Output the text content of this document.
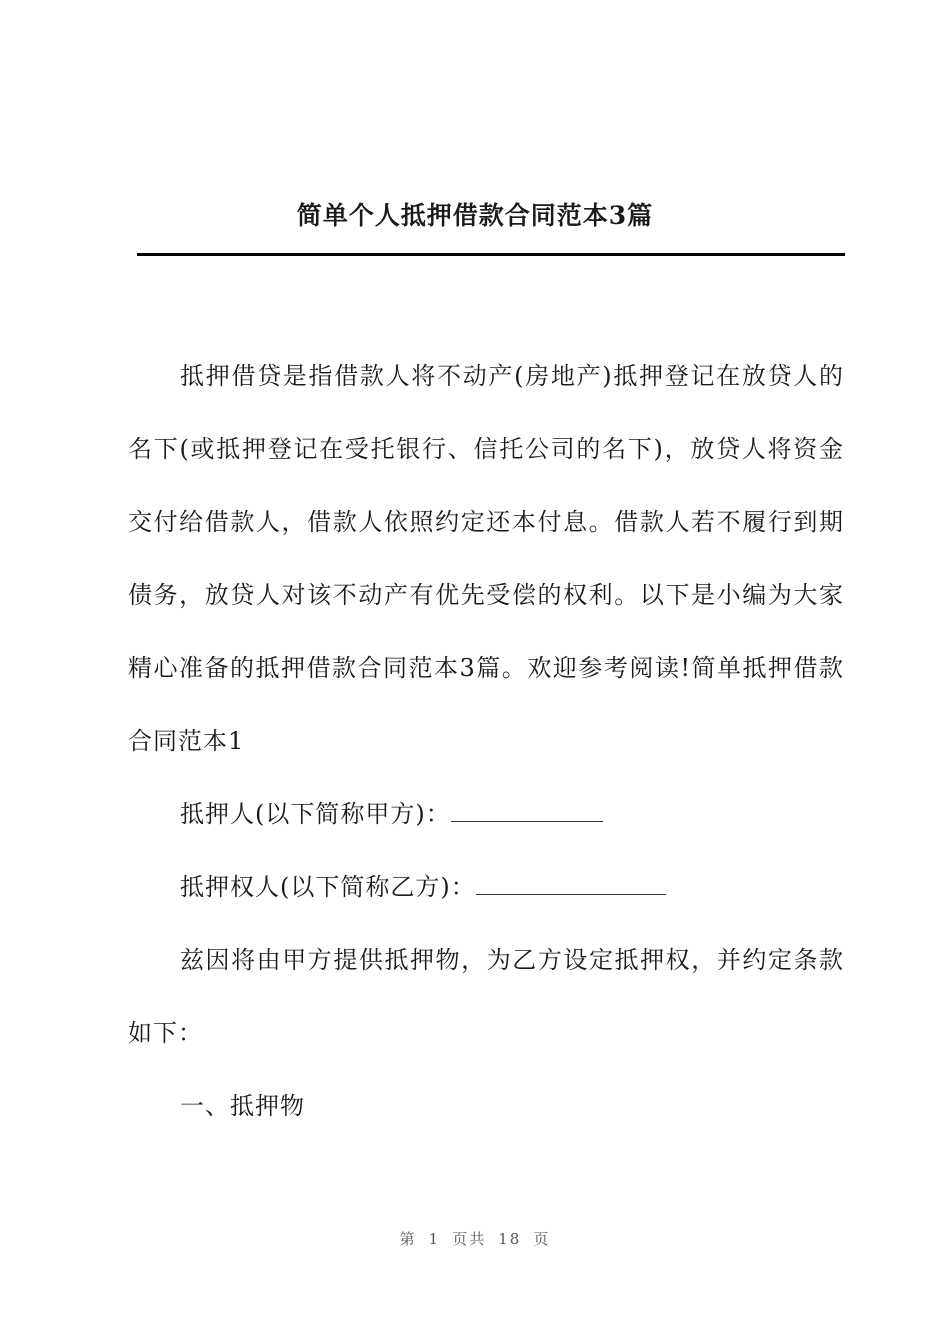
简单个人抵押借款合同范本3篇

抵押借贷是指借款人将不动产(房地产)抵押登记在放贷人的名下(或抵押登记在受托银行、信托公司的名下)，放贷人将资金交付给借款人，借款人依照约定还本付息。借款人若不履行到期债务，放贷人对该不动产有优先受偿的权利。以下是小编为大家精心准备的抵押借款合同范本3篇。欢迎参考阅读!简单抵押借款合同范本1

抵押人(以下简称甲方)：

抵押权人(以下简称乙方)：

兹因将由甲方提供抵押物，为乙方设定抵押权，并约定条款如下：

一、抵押物

第 1 页共 18 页
